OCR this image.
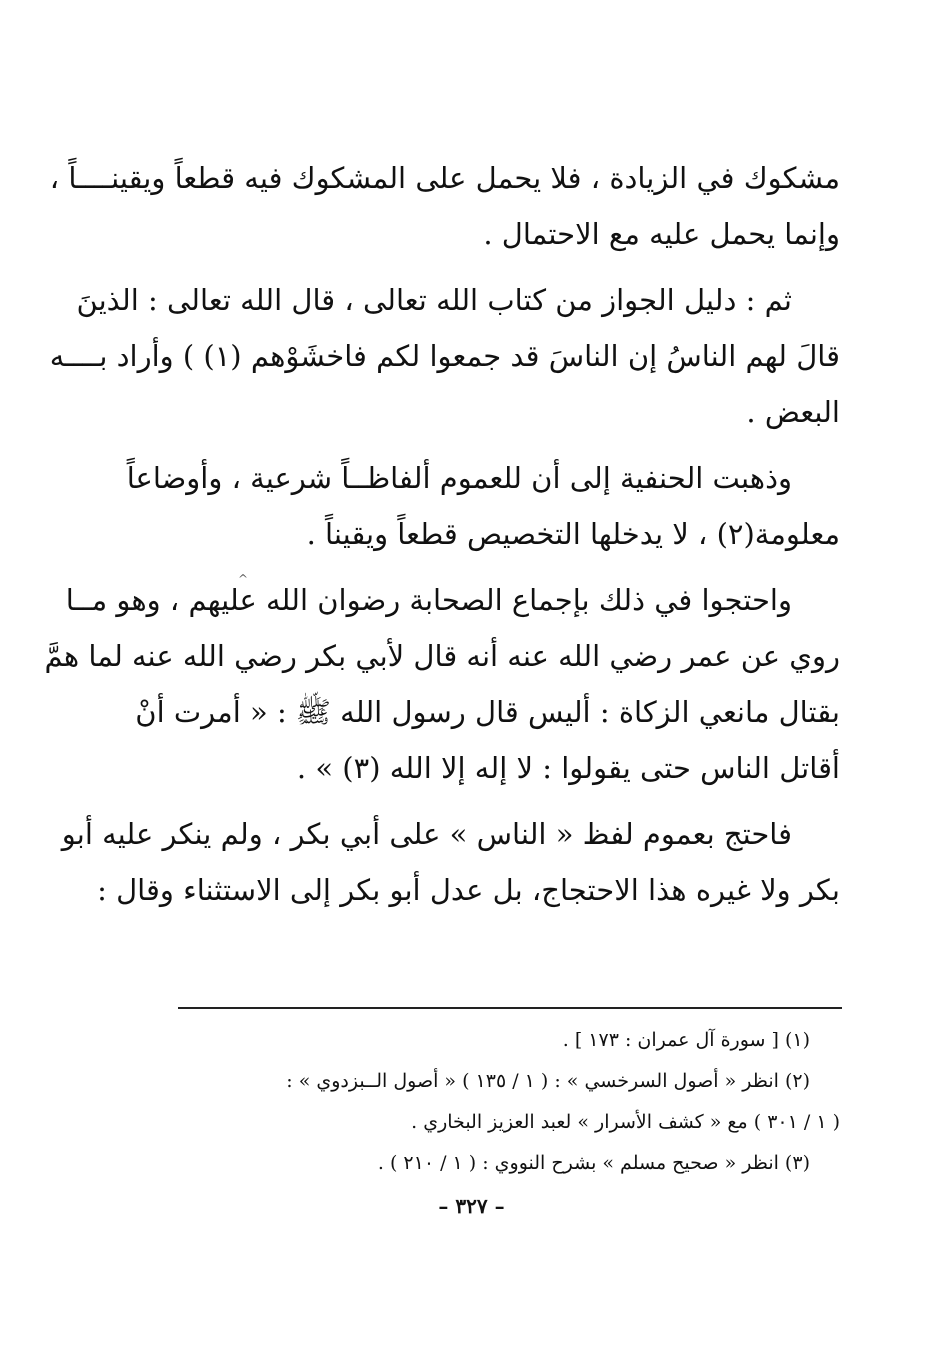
مشكوك في الزيادة ، فلا يحمل على المشكوك فيه قطعاً ويقينــــاً ،
وإنما يحمل عليه مع الاحتمال .
ثم : دليل الجواز من كتاب الله تعالى ، قال الله تعالى : الذينَ
قالَ لهم الناسُ إن الناسَ قد جمعوا لكم فاخشَوْهم (١) ) وأراد بــــه
البعض .
وذهبت الحنفية إلى أن للعموم ألفاظــاً شرعية ، وأوضاعاً
معلومة(٢) ، لا يدخلها التخصيص قطعاً ويقيناً .
واحتجوا في ذلك بإجماع الصحابة رضوان الله عليهم ، وهو مــا
روي عن عمر رضي الله عنه أنه قال لأبي بكر رضي الله عنه لما همَّ
بقتال مانعي الزكاة : أليس قال رسول الله ﷺ : « أمرت أنْ
أقاتل الناس حتى يقولوا : لا إله إلا الله (٣) » .
فاحتج بعموم لفظ « الناس » على أبي بكر ، ولم ينكر عليه أبو
بكر ولا غيره هذا الاحتجاج، بل عدل أبو بكر إلى الاستثناء وقال :
^
(١) [ سورة آل عمران : ١٧٣ ] .
(٢) انظر « أصول السرخسي » : ( ١ / ١٣٥ ) « أصول الــبزدوي » :
( ١ / ٣٠١ ) مع « كشف الأسرار » لعبد العزيز البخاري .
(٣) انظر « صحيح مسلم » بشرح النووي : ( ١ / ٢١٠ ) .
– ٣٢٧ –
